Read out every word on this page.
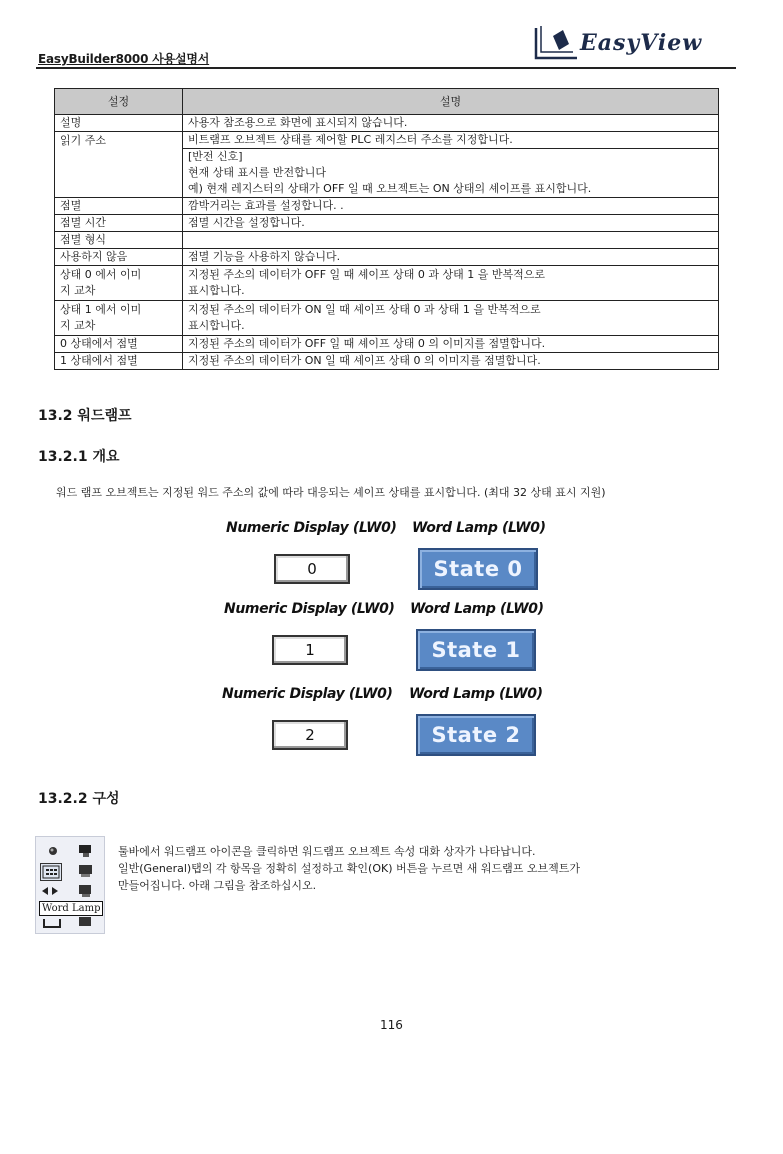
EasyBuilder8000 사용설명서
EasyView
설정	설명
설명	사용자 참조용으로 화면에 표시되지 않습니다.
읽기 주소	비트램프 오브젝트 상태를 제어할 PLC 레지스터 주소를 지정합니다.
[반전 신호]
현재 상태 표시를 반전합니다
예) 현재 레지스터의 상태가 OFF 일 때 오브젝트는 ON 상태의 셰이프를 표시합니다.

점멸	깜박거리는 효과를 설정합니다. .
점멸 시간	점멸 시간을 설정합니다.
점멸 형식	
사용하지 않음	점멸 기능을 사용하지 않습니다.
상태 0 에서 이미지 교차	지정된 주소의 데이터가 OFF 일 때 셰이프 상태 0 과 상태 1 을 반복적으로
표시합니다.

상태 1 에서 이미지 교차	지정된 주소의 데이터가 ON 일 때 셰이프 상태 0 과 상태 1 을 반복적으로
표시합니다.

0 상태에서 점멸	지정된 주소의 데이터가 OFF 일 때 셰이프 상태 0 의 이미지를 점멸합니다.
1 상태에서 점멸	지정된 주소의 데이터가 ON 일 때 셰이프 상태 0 의 이미지를 점멸합니다.
13.2 워드램프
13.2.1 개요
워드 램프 오브젝트는 지정된 워드 주소의 값에 따라 대응되는 셰이프 상태를 표시합니다. (최대 32 상태 표시 지원)
Numeric Display (LW0) Word Lamp (LW0)
0	State 0
Numeric Display (LW0) Word Lamp (LW0)
1	State 1
Numeric Display (LW0) Word Lamp (LW0)
2	State 2
13.2.2 구성
Word Lamp
툴바에서 워드램프 아이콘을 클릭하면 워드램프 오브젝트 속성 대화 상자가 나타납니다.
일반(General)탭의 각 항목을 정확히 설정하고 확인(OK) 버튼을 누르면 새 워드램프 오브젝트가
만들어집니다. 아래 그림을 참조하십시오.
116
